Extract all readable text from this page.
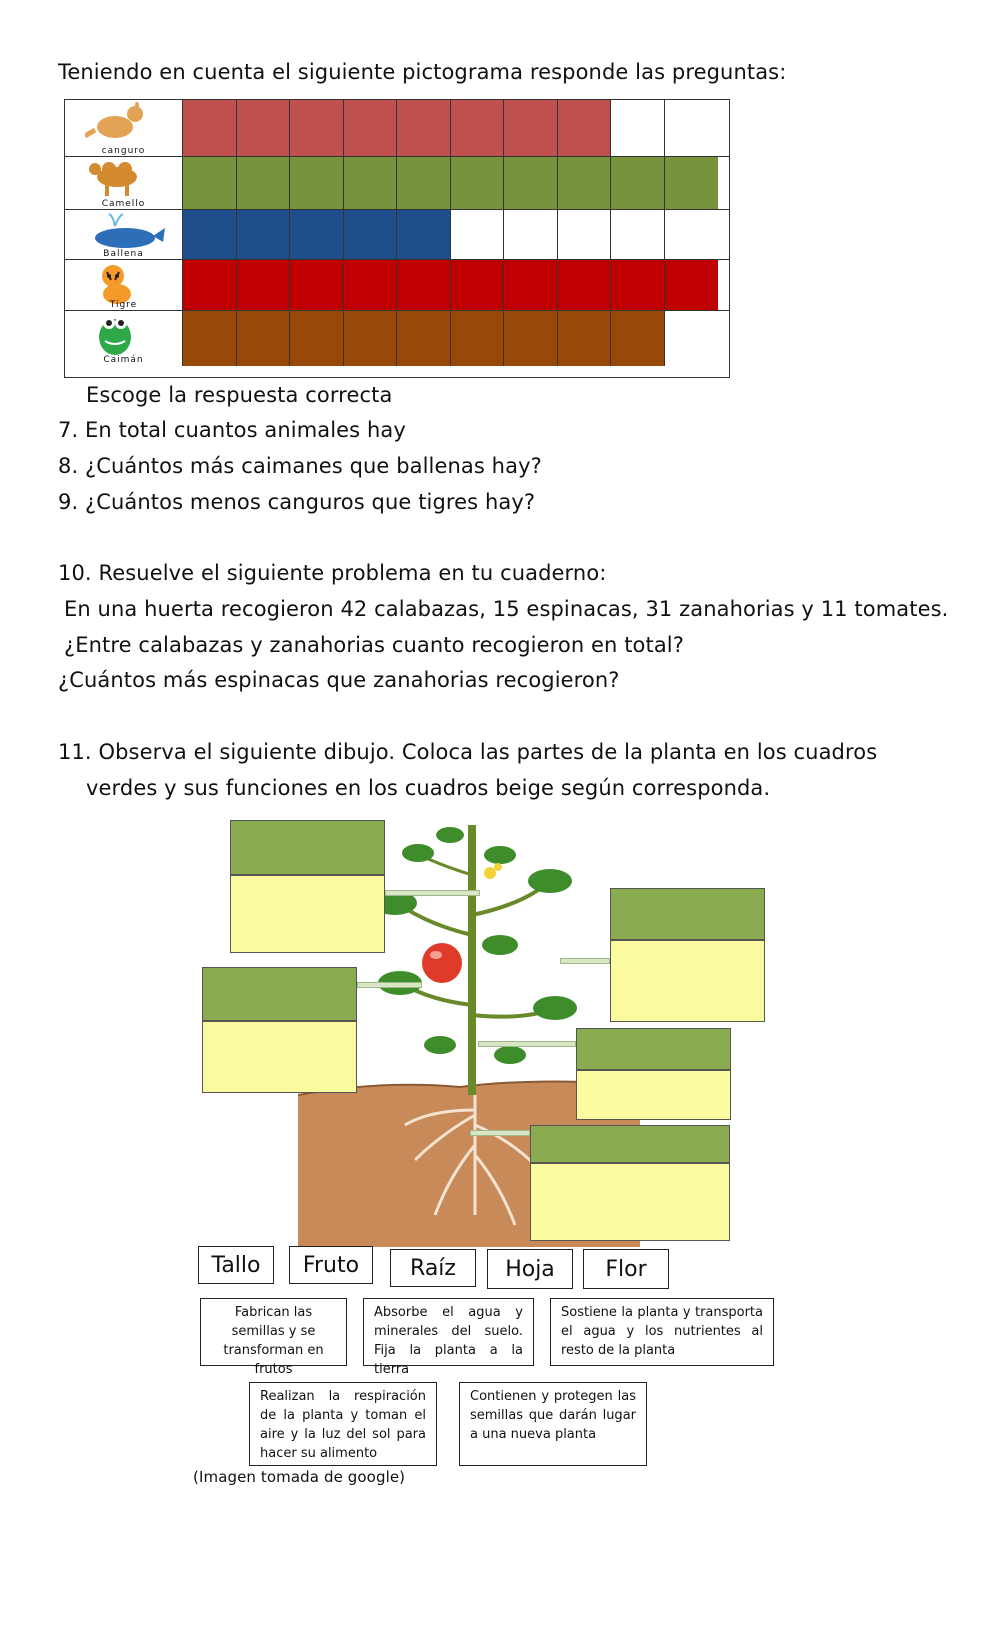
Teniendo en cuenta el siguiente pictograma responde las preguntas:
canguro
Camello
Ballena
Tigre
Caimán
Escoge la respuesta correcta
7. En total cuantos animales hay
8. ¿Cuántos más caimanes que ballenas hay?
9. ¿Cuántos menos canguros que tigres hay?
10. Resuelve el siguiente problema en tu cuaderno:
En una huerta recogieron 42 calabazas, 15 espinacas, 31 zanahorias y 11 tomates.
¿Entre calabazas y zanahorias cuanto recogieron en total?
¿Cuántos más espinacas que zanahorias recogieron?
11. Observa el siguiente dibujo. Coloca las partes de la planta en los cuadros
verdes y sus funciones en los cuadros beige según corresponda.
Tallo	Fruto	Raíz	Hoja	Flor
Fabrican las semillas y se transforman en frutos
Absorbe el agua y minerales del suelo. Fija la planta a la tierra
Sostiene la planta y transporta el agua y los nutrientes al resto de la planta
Realizan la respiración de la planta y toman el aire y la luz del sol para hacer su alimento
Contienen y protegen las semillas que darán lugar a una nueva planta
(Imagen tomada de google)
